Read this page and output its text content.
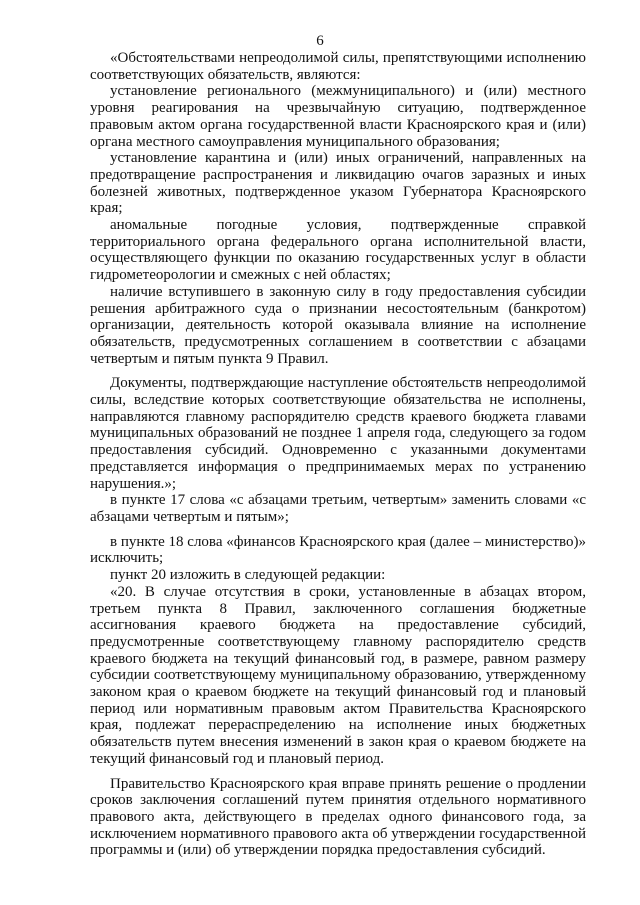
6

«Обстоятельствами непреодолимой силы, препятствующими исполнению соответствующих обязательств, являются:

установление регионального (межмуниципального) и (или) местного уровня реагирования на чрезвычайную ситуацию, подтвержденное правовым актом органа государственной власти Красноярского края и (или) органа местного самоуправления муниципального образования;

установление карантина и (или) иных ограничений, направленных на предотвращение распространения и ликвидацию очагов заразных и иных болезней животных, подтвержденное указом Губернатора Красноярского края;

аномальные погодные условия, подтвержденные справкой территориального органа федерального органа исполнительной власти, осуществляющего функции по оказанию государственных услуг в области гидрометеорологии и смежных с ней областях;

наличие вступившего в законную силу в году предоставления субсидии решения арбитражного суда о признании несостоятельным (банкротом) организации, деятельность которой оказывала влияние на исполнение обязательств, предусмотренных соглашением в соответствии с абзацами четвертым и пятым пункта 9 Правил.

Документы, подтверждающие наступление обстоятельств непреодолимой силы, вследствие которых соответствующие обязательства не исполнены, направляются главному распорядителю средств краевого бюджета главами муниципальных образований не позднее 1 апреля года, следующего за годом предоставления субсидий. Одновременно с указанными документами представляется информация о предпринимаемых мерах по устранению нарушения.»;

в пункте 17 слова «с абзацами третьим, четвертым» заменить словами «с абзацами четвертым и пятым»;

в пункте 18 слова «финансов Красноярского края (далее – министерство)» исключить;

пункт 20 изложить в следующей редакции:

«20. В случае отсутствия в сроки, установленные в абзацах втором, третьем пункта 8 Правил, заключенного соглашения бюджетные ассигнования краевого бюджета на предоставление субсидий, предусмотренные соответствующему главному распорядителю средств краевого бюджета на текущий финансовый год, в размере, равном размеру субсидии соответствующему муниципальному образованию, утвержденному законом края о краевом бюджете на текущий финансовый год и плановый период или нормативным правовым актом Правительства Красноярского края, подлежат перераспределению на исполнение иных бюджетных обязательств путем внесения изменений в закон края о краевом бюджете на текущий финансовый год и плановый период.

Правительство Красноярского края вправе принять решение о продлении сроков заключения соглашений путем принятия отдельного нормативного правового акта, действующего в пределах одного финансового года, за исключением нормативного правового акта об утверждении государственной программы и (или) об утверждении порядка предоставления субсидий.
